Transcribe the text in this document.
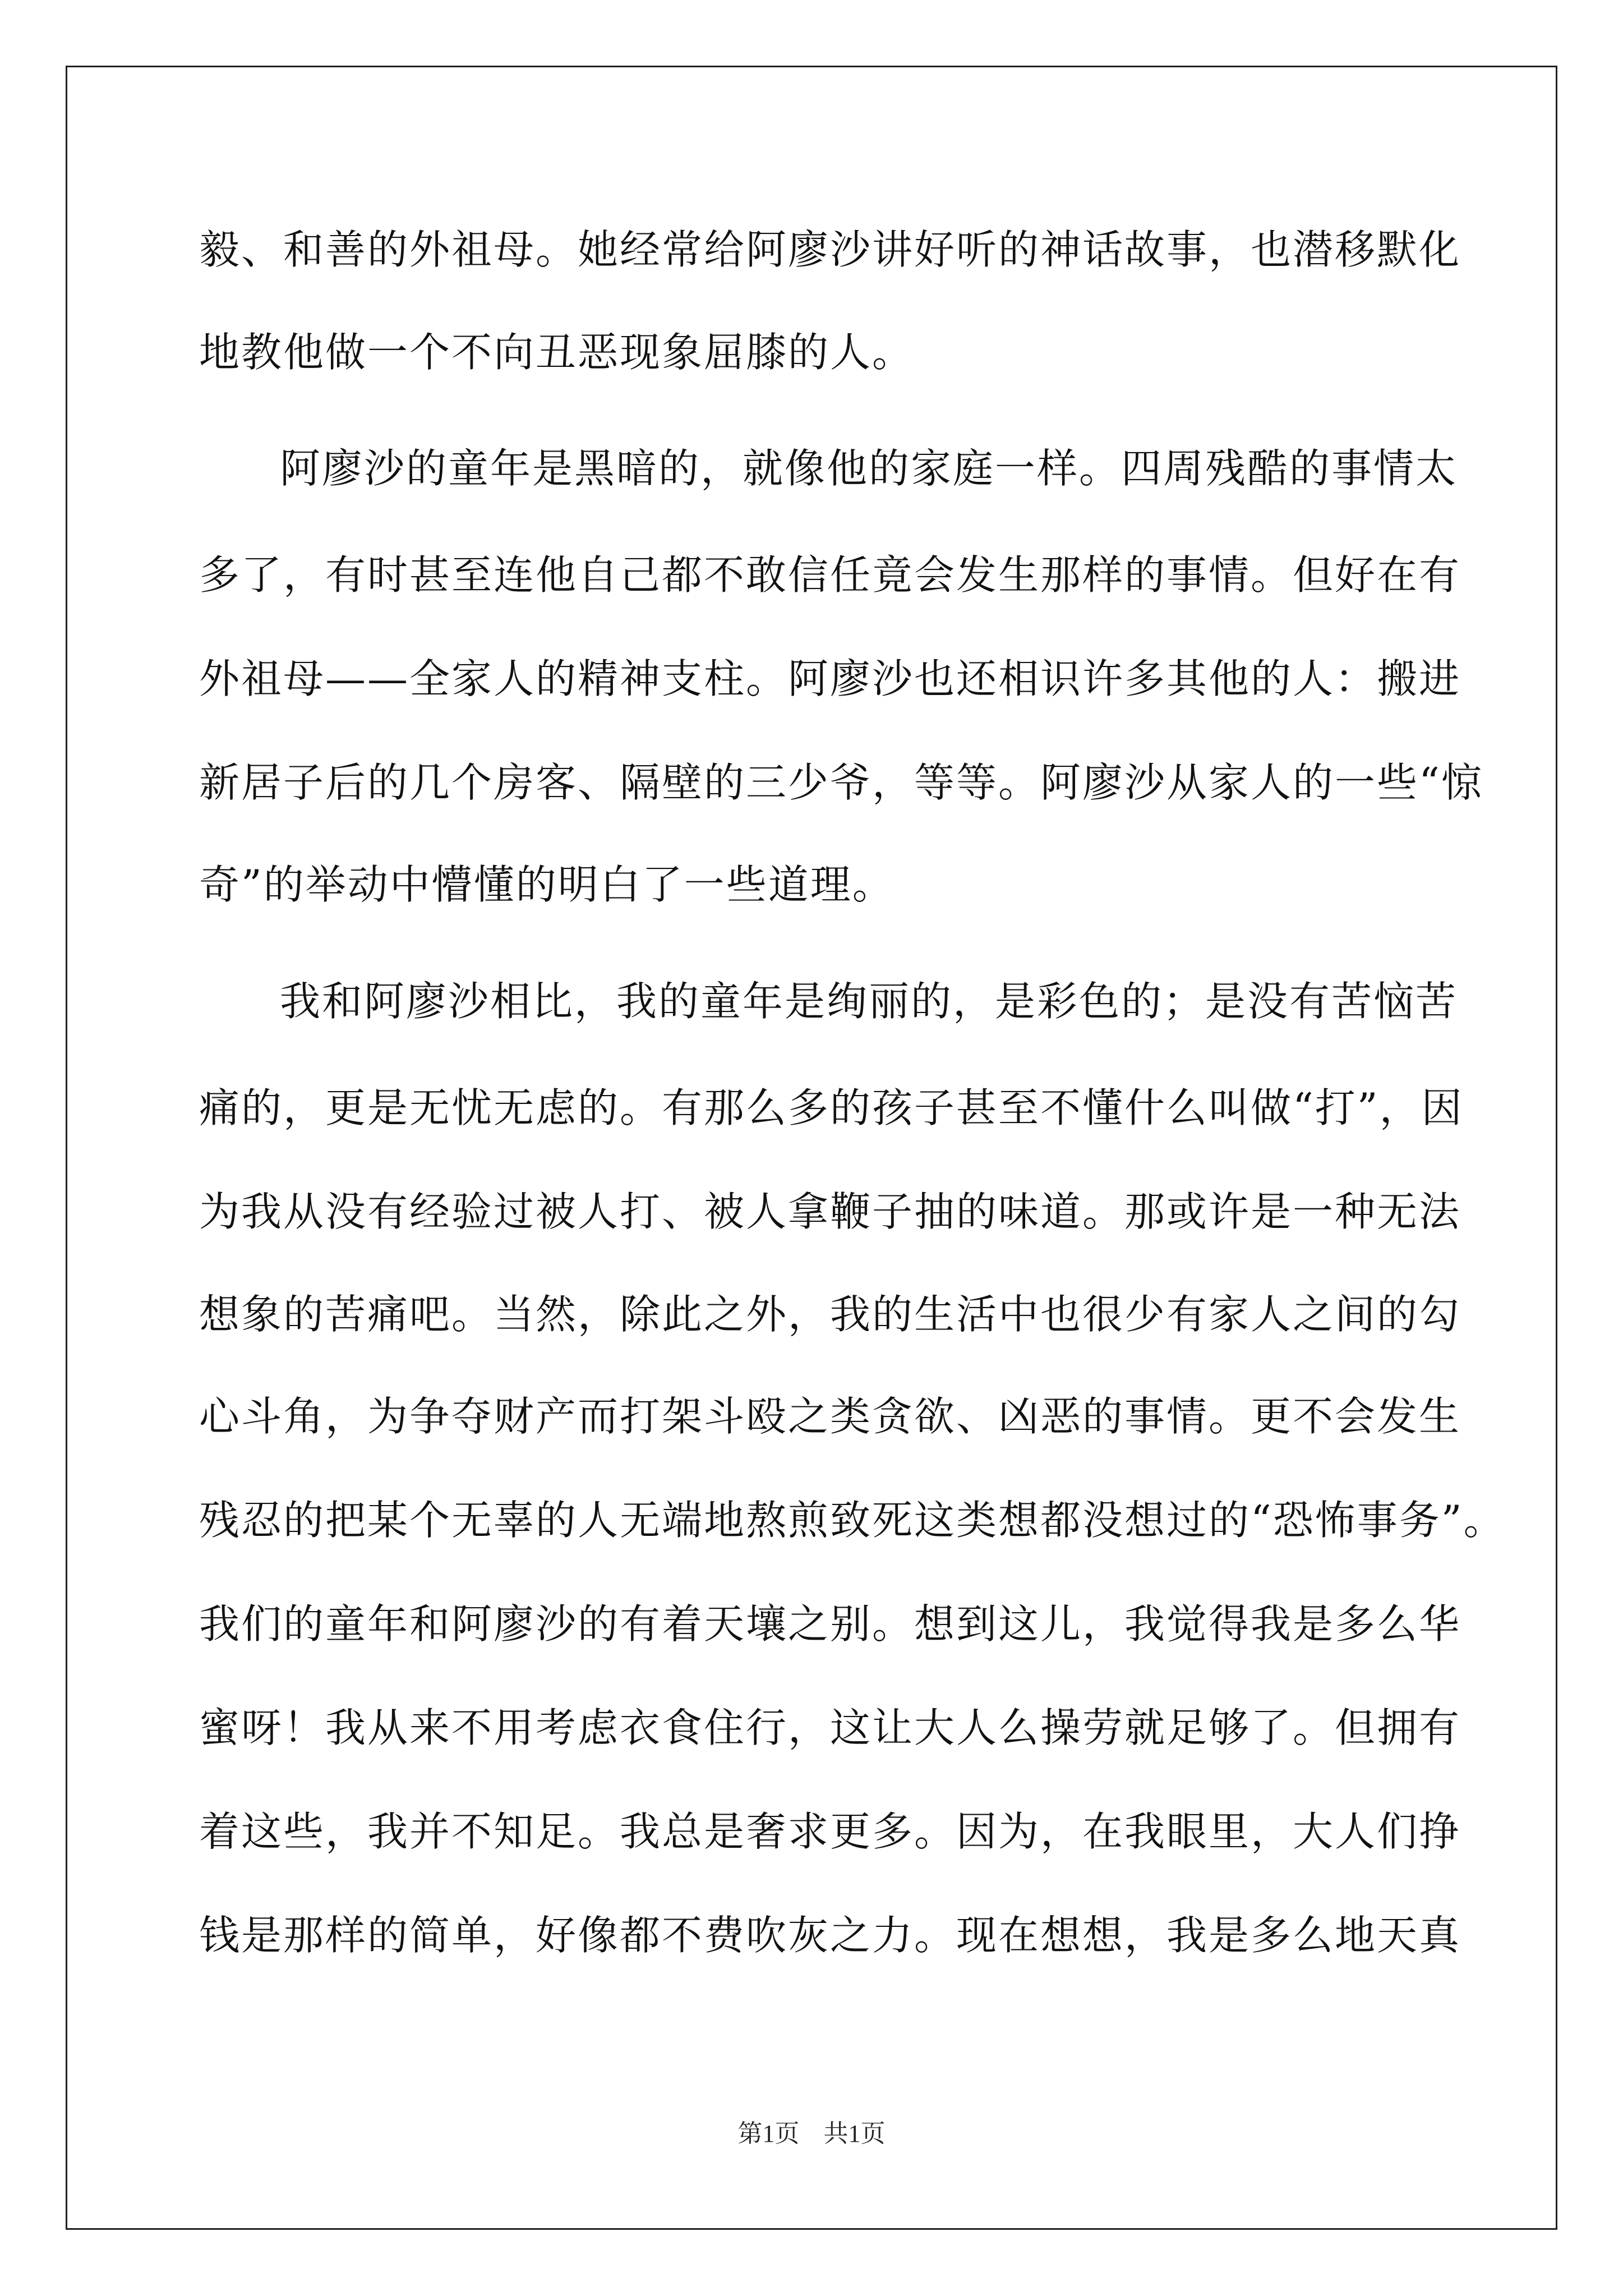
毅、和善的外祖母。她经常给阿廖沙讲好听的神话故事，也潜移默化
地教他做一个不向丑恶现象屈膝的人。
阿廖沙的童年是黑暗的，就像他的家庭一样。四周残酷的事情太
多了，有时甚至连他自己都不敢信任竟会发生那样的事情。但好在有
外祖母——全家人的精神支柱。阿廖沙也还相识许多其他的人：搬进
新居子后的几个房客、隔壁的三少爷，等等。阿廖沙从家人的一些“惊
奇”的举动中懵懂的明白了一些道理。
我和阿廖沙相比，我的童年是绚丽的，是彩色的；是没有苦恼苦
痛的，更是无忧无虑的。有那么多的孩子甚至不懂什么叫做“打”，因
为我从没有经验过被人打、被人拿鞭子抽的味道。那或许是一种无法
想象的苦痛吧。当然，除此之外，我的生活中也很少有家人之间的勾
心斗角，为争夺财产而打架斗殴之类贪欲、凶恶的事情。更不会发生
残忍的把某个无辜的人无端地熬煎致死这类想都没想过的“恐怖事务”。
我们的童年和阿廖沙的有着天壤之别。想到这儿，我觉得我是多么华
蜜呀！我从来不用考虑衣食住行，这让大人么操劳就足够了。但拥有
着这些，我并不知足。我总是奢求更多。因为，在我眼里，大人们挣
钱是那样的简单，好像都不费吹灰之力。现在想想，我是多么地天真
第1页 共1页
